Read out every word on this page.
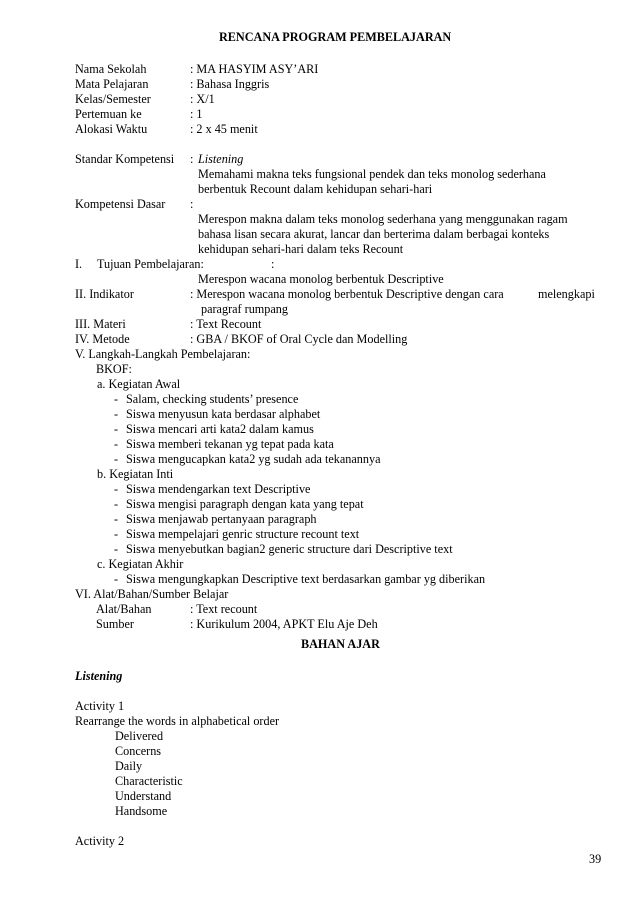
RENCANA PROGRAM PEMBELAJARAN
Nama Sekolah	: MA HASYIM ASY’ARI
Mata Pelajaran	: Bahasa Inggris
Kelas/Semester	: X/1
Pertemuan ke	: 1
Alokasi Waktu	: 2 x 45 menit
Standar Kompetensi : Listening
Memahami makna teks fungsional pendek dan teks monolog sederhana
berbentuk Recount dalam kehidupan sehari-hari
Kompetensi Dasar :
Merespon makna dalam teks monolog sederhana yang menggunakan ragam
bahasa lisan secara akurat, lancar dan berterima dalam berbagai konteks
kehidupan sehari-hari dalam teks Recount
I. Tujuan Pembelajaran:	:
Merespon wacana monolog berbentuk Descriptive
II. Indikator	: Merespon wacana monolog berbentuk Descriptive dengan cara	melengkapi
paragraf rumpang
III. Materi	: Text Recount
IV. Metode	: GBA / BKOF of Oral Cycle dan Modelling
V. Langkah-Langkah Pembelajaran:
BKOF:
a. Kegiatan Awal
- Salam, checking students’ presence
- Siswa menyusun kata berdasar alphabet
- Siswa mencari arti kata2 dalam kamus
- Siswa memberi tekanan yg tepat pada kata
- Siswa mengucapkan kata2 yg sudah ada tekanannya
b. Kegiatan Inti
- Siswa mendengarkan text Descriptive
- Siswa mengisi paragraph dengan kata yang tepat
- Siswa menjawab pertanyaan paragraph
- Siswa mempelajari genric structure recount text
- Siswa menyebutkan bagian2 generic structure dari Descriptive text
c. Kegiatan Akhir
- Siswa mengungkapkan Descriptive text berdasarkan gambar yg diberikan
VI. Alat/Bahan/Sumber Belajar
Alat/Bahan	: Text recount
Sumber	: Kurikulum 2004, APKT Elu Aje Deh
BAHAN AJAR
Listening
Activity 1
Rearrange the words in alphabetical order
Delivered
Concerns
Daily
Characteristic
Understand
Handsome
Activity 2
39
